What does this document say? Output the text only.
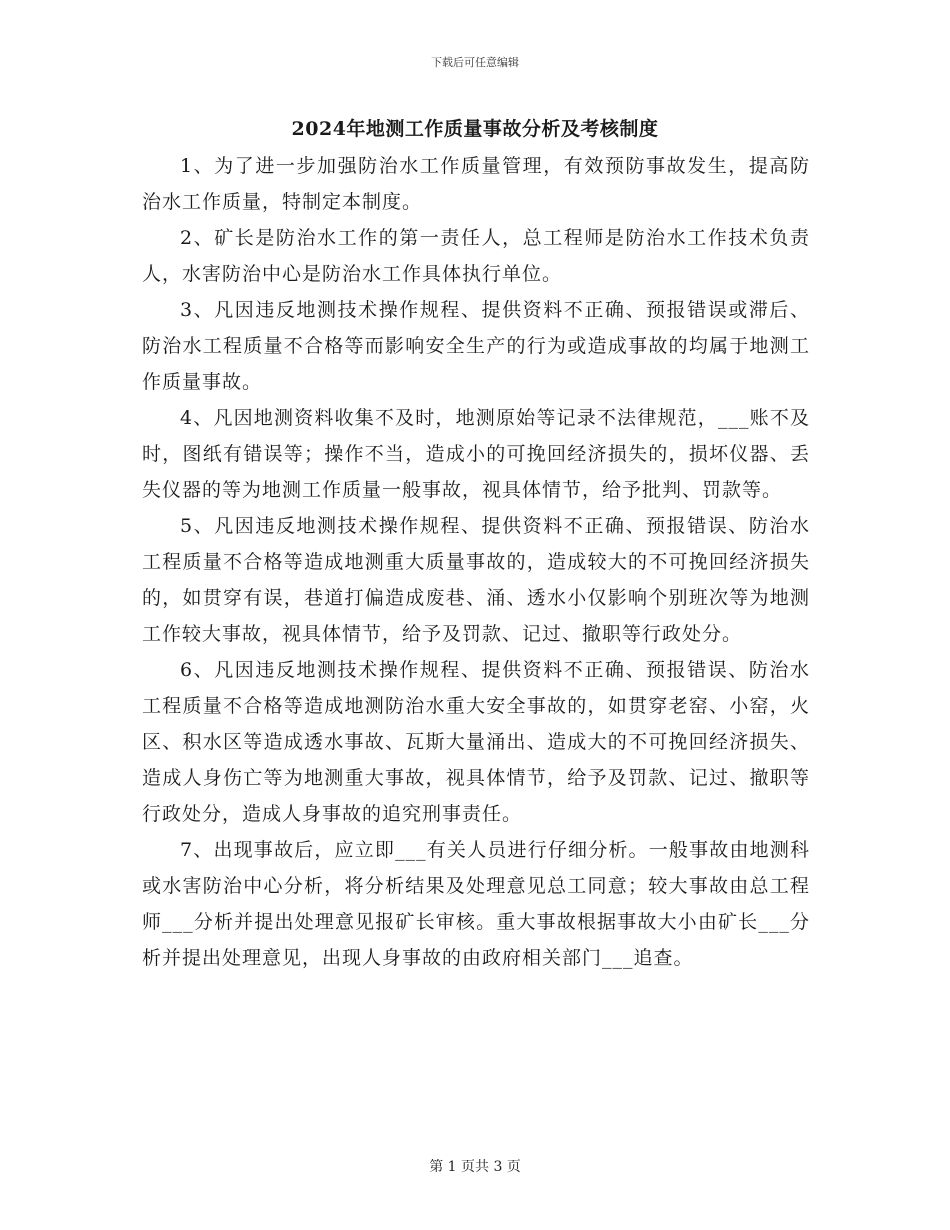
下载后可任意编辑
2024年地测工作质量事故分析及考核制度

1、为了进一步加强防治水工作质量管理，有效预防事故发生，提高防治水工作质量，特制定本制度。

2、矿长是防治水工作的第一责任人，总工程师是防治水工作技术负责人，水害防治中心是防治水工作具体执行单位。

3、凡因违反地测技术操作规程、提供资料不正确、预报错误或滞后、防治水工程质量不合格等而影响安全生产的行为或造成事故的均属于地测工作质量事故。

4、凡因地测资料收集不及时，地测原始等记录不法律规范，___账不及时，图纸有错误等；操作不当，造成小的可挽回经济损失的，损坏仪器、丢失仪器的等为地测工作质量一般事故，视具体情节，给予批判、罚款等。

5、凡因违反地测技术操作规程、提供资料不正确、预报错误、防治水工程质量不合格等造成地测重大质量事故的，造成较大的不可挽回经济损失的，如贯穿有误，巷道打偏造成废巷、涌、透水小仅影响个别班次等为地测工作较大事故，视具体情节，给予及罚款、记过、撤职等行政处分。

6、凡因违反地测技术操作规程、提供资料不正确、预报错误、防治水工程质量不合格等造成地测防治水重大安全事故的，如贯穿老窑、小窑，火区、积水区等造成透水事故、瓦斯大量涌出、造成大的不可挽回经济损失、造成人身伤亡等为地测重大事故，视具体情节，给予及罚款、记过、撤职等行政处分，造成人身事故的追究刑事责任。

7、出现事故后，应立即___有关人员进行仔细分析。一般事故由地测科或水害防治中心分析，将分析结果及处理意见总工同意；较大事故由总工程师___分析并提出处理意见报矿长审核。重大事故根据事故大小由矿长___分析并提出处理意见，出现人身事故的由政府相关部门___追查。

第 1 页共 3 页
